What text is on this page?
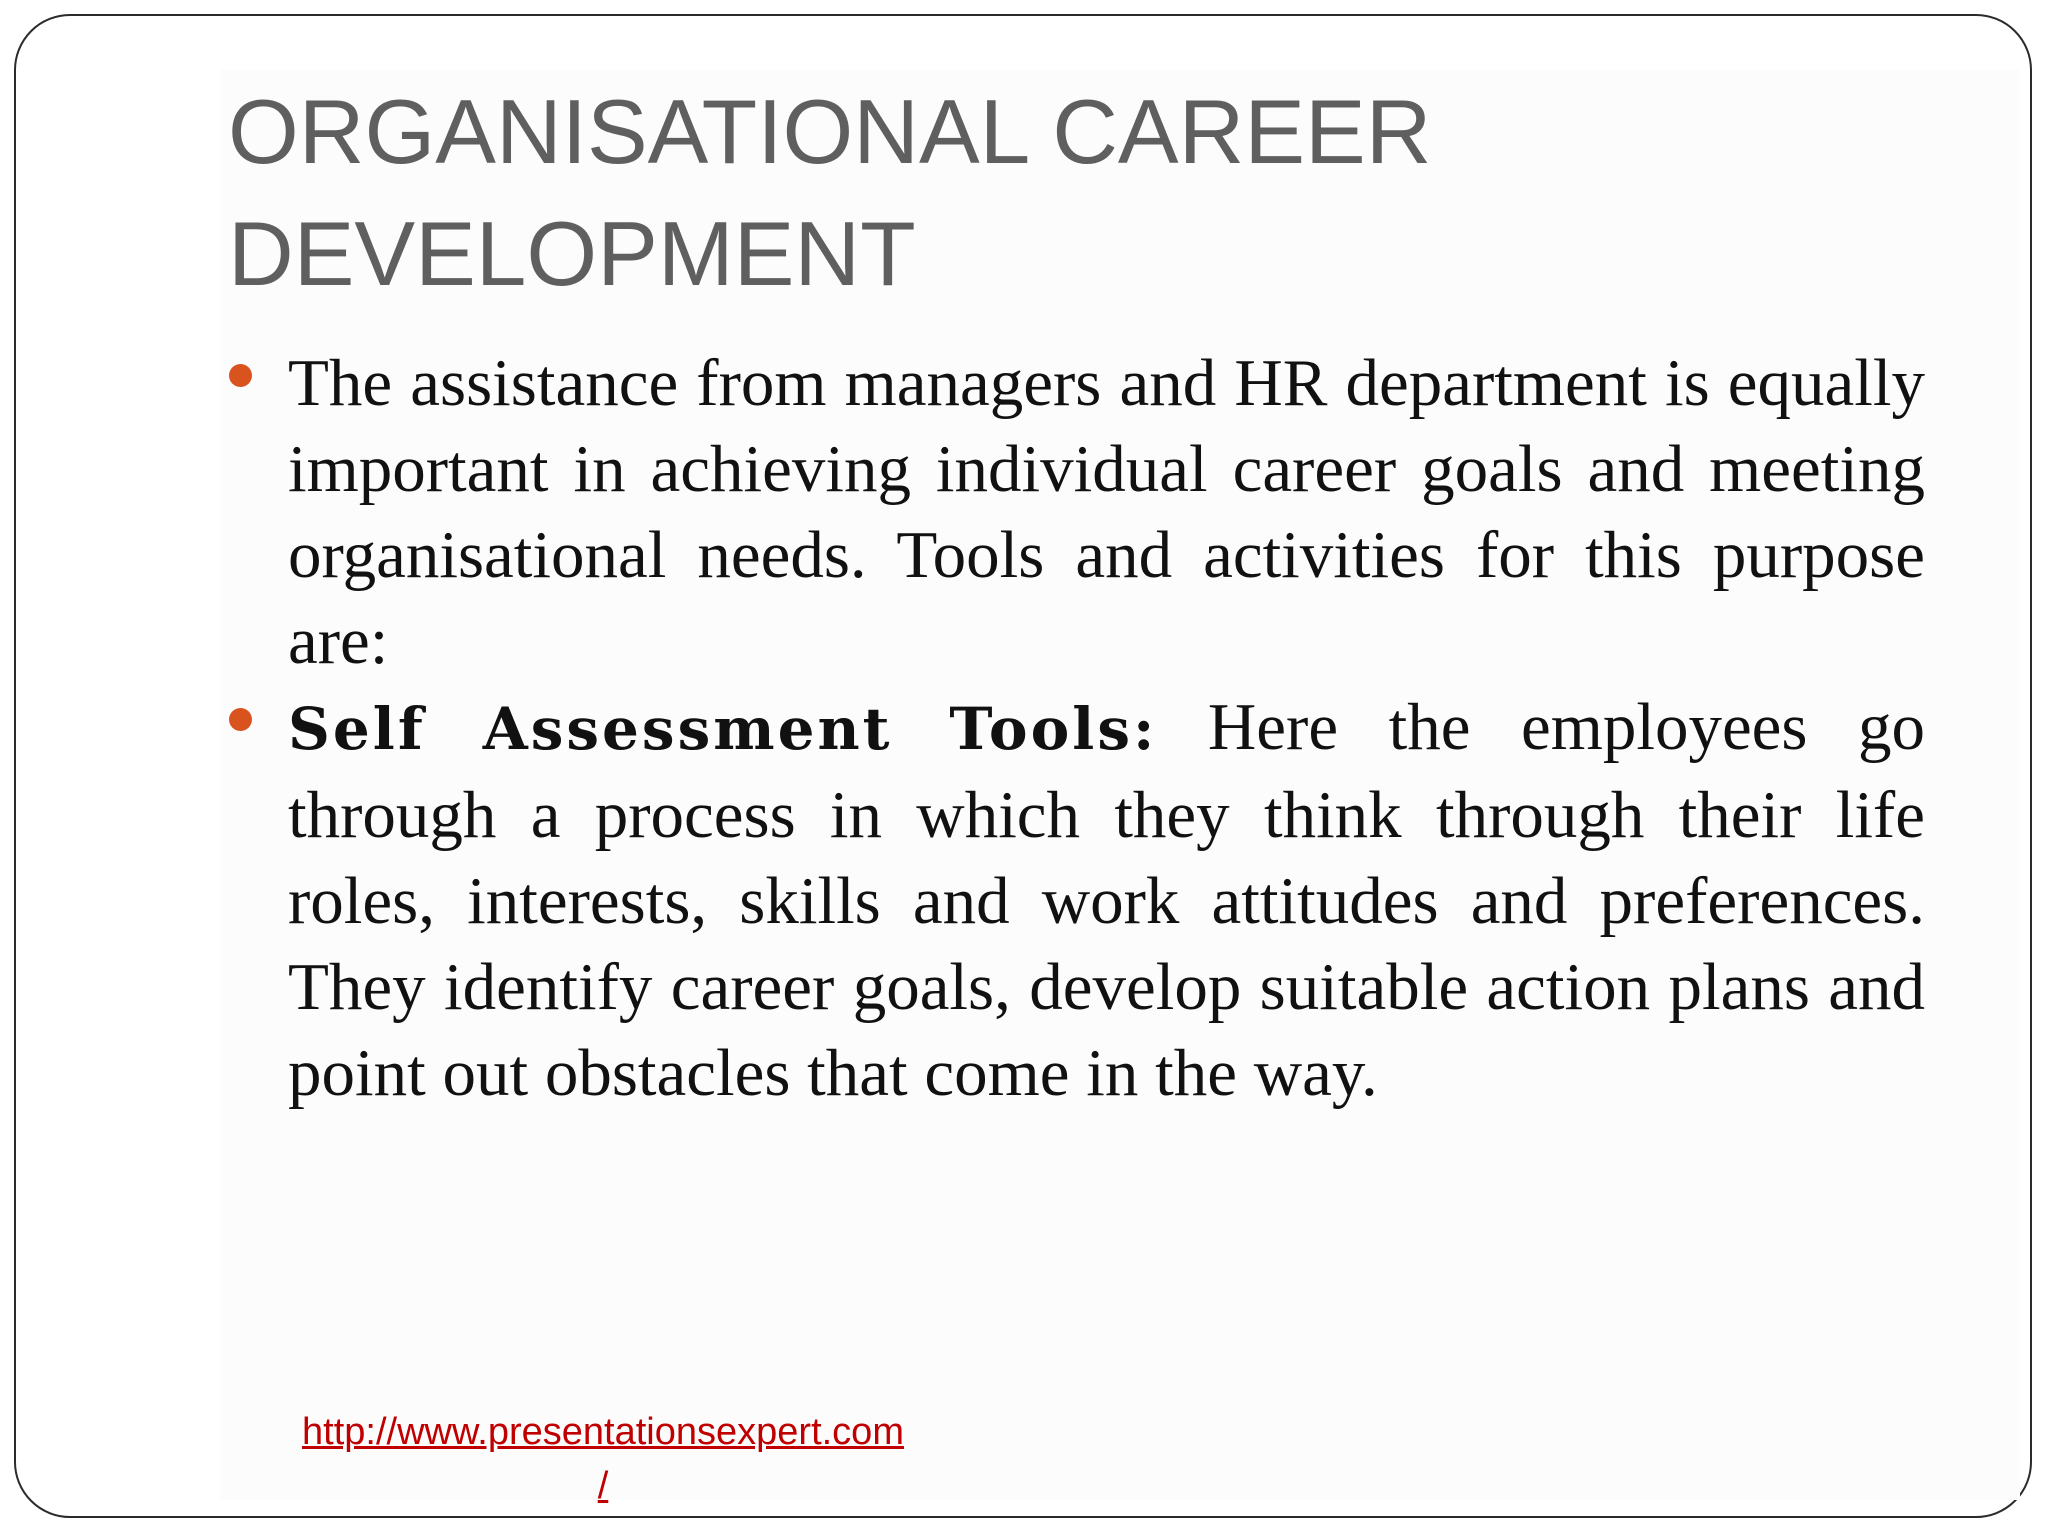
ORGANISATIONAL CAREER DEVELOPMENT
The assistance from managers and HR department is equally important in achieving individual career goals and meeting organisational needs. Tools and activities for this purpose are:
Self Assessment Tools: Here the employees go through a process in which they think through their life roles, interests, skills and work attitudes and preferences. They identify career goals, develop suitable action plans and point out obstacles that come in the way.
http://www.presentationsexpert.com
/
